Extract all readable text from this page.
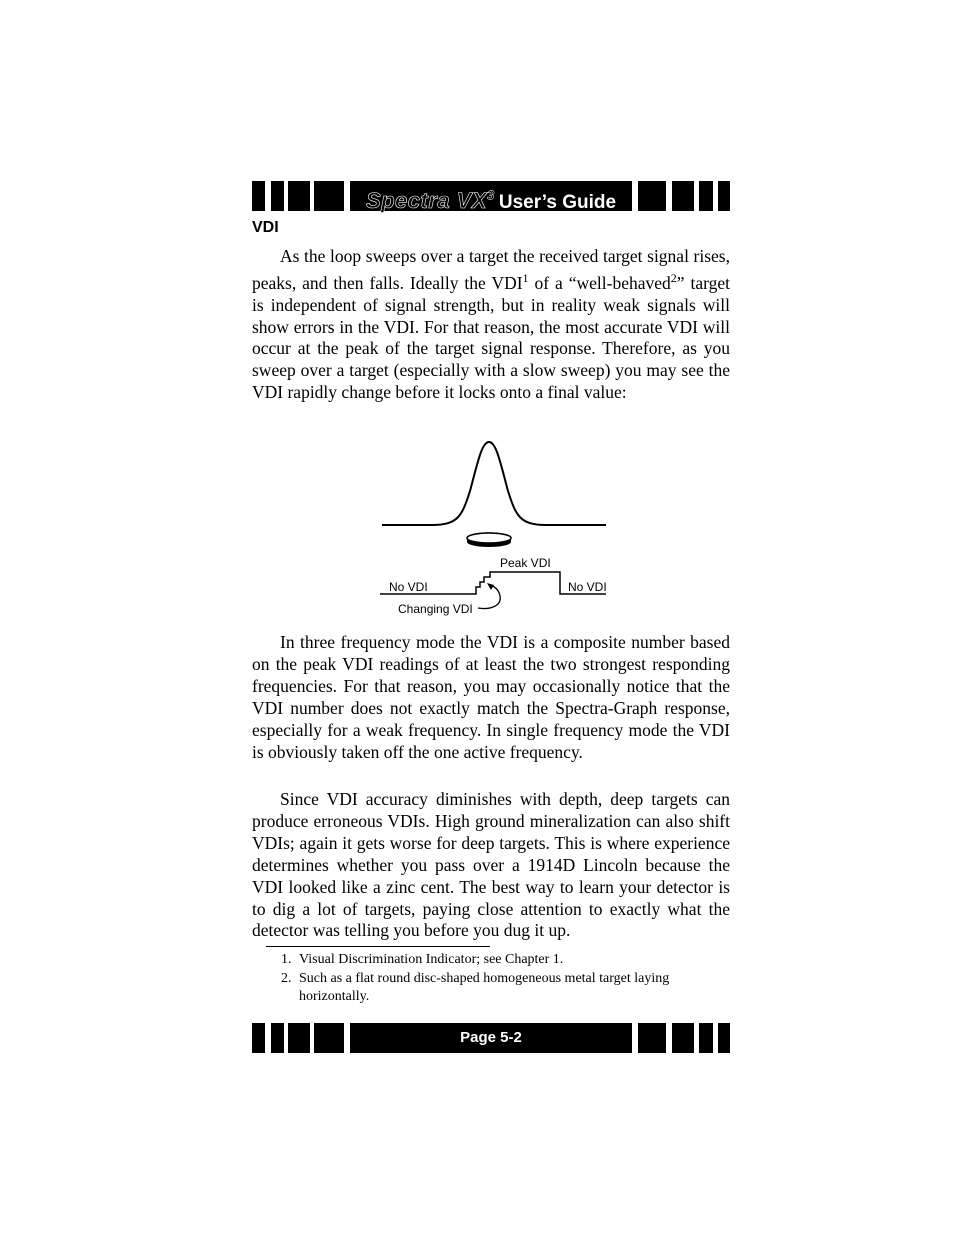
Spectra $VX^3$ User’s Guide
VDI

As the loop sweeps over a target the received target signal rises, peaks, and then falls. Ideally the VDI$^1$ of a “well-behaved$^2$” target is independent of signal strength, but in reality weak signals will show errors in the VDI. For that reason, the most accurate VDI will occur at the peak of the target signal response. Therefore, as you sweep over a target (especially with a slow sweep) you may see the VDI rapidly change before it locks onto a final value:

Peak VDI
No VDI	No VDI
Changing VDI

In three frequency mode the VDI is a composite number based on the peak VDI readings of at least the two strongest responding frequencies. For that reason, you may occasionally notice that the VDI number does not exactly match the Spectra-Graph response, especially for a weak frequency. In single frequency mode the VDI is obviously taken off the one active frequency.

Since VDI accuracy diminishes with depth, deep targets can produce erroneous VDIs. High ground mineralization can also shift VDIs; again it gets worse for deep targets. This is where experience determines whether you pass over a 1914D Lincoln because the VDI looked like a zinc cent. The best way to learn your detector is to dig a lot of targets, paying close attention to exactly what the detector was telling you before you dug it up.

1. Visual Discrimination Indicator; see Chapter 1.
2. Such as a flat round disc-shaped homogeneous metal target laying horizontally.
Page 5-2
